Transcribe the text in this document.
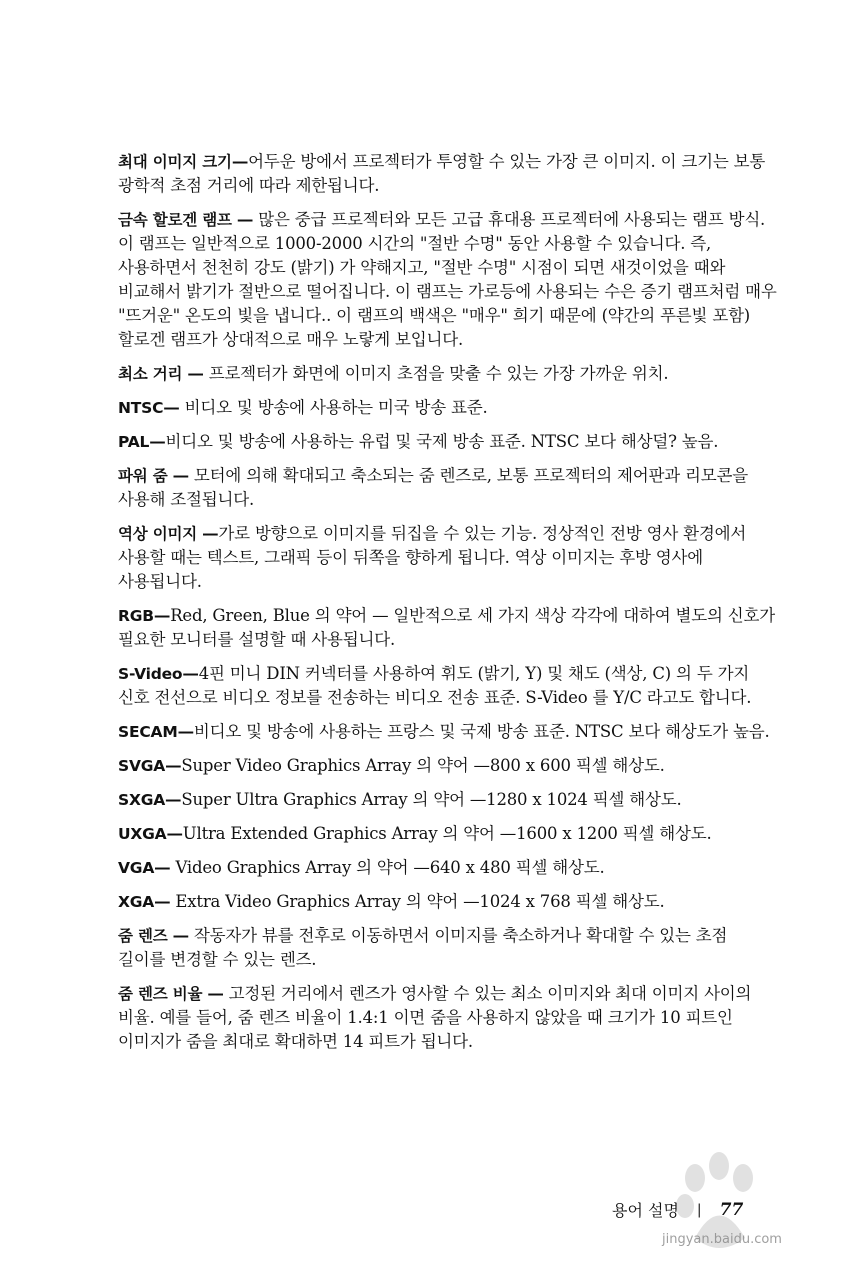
최대 이미지 크기—어두운 방에서 프로젝터가 투영할 수 있는 가장 큰 이미지. 이 크기는 보통 광학적 초점 거리에 따라 제한됩니다.

금속 할로겐 램프 — 많은 중급 프로젝터와 모든 고급 휴대용 프로젝터에 사용되는 램프 방식. 이 램프는 일반적으로 1000-2000 시간의 "절반 수명" 동안 사용할 수 있습니다. 즉, 사용하면서 천천히 강도 (밝기) 가 약해지고, "절반 수명" 시점이 되면 새것이었을 때와 비교해서 밝기가 절반으로 떨어집니다. 이 램프는 가로등에 사용되는 수은 증기 램프처럼 매우 "뜨거운" 온도의 빛을 냅니다.. 이 램프의 백색은 "매우" 희기 때문에 (약간의 푸른빛 포함) 할로겐 램프가 상대적으로 매우 노랗게 보입니다.

최소 거리 — 프로젝터가 화면에 이미지 초점을 맞출 수 있는 가장 가까운 위치.

NTSC— 비디오 및 방송에 사용하는 미국 방송 표준.

PAL—비디오 및 방송에 사용하는 유럽 및 국제 방송 표준. NTSC 보다 해상덜? 높음.

파워 줌 — 모터에 의해 확대되고 축소되는 줌 렌즈로, 보통 프로젝터의 제어판과 리모콘을 사용해 조절됩니다.

역상 이미지 —가로 방향으로 이미지를 뒤집을 수 있는 기능. 정상적인 전방 영사 환경에서 사용할 때는 텍스트, 그래픽 등이 뒤쪽을 향하게 됩니다. 역상 이미지는 후방 영사에 사용됩니다.

RGB—Red, Green, Blue 의 약어 — 일반적으로 세 가지 색상 각각에 대하여 별도의 신호가 필요한 모니터를 설명할 때 사용됩니다.

S-Video—4핀 미니 DIN 커넥터를 사용하여 휘도 (밝기, Y) 및 채도 (색상, C) 의 두 가지 신호 전선으로 비디오 정보를 전송하는 비디오 전송 표준. S-Video 를 Y/C 라고도 합니다.

SECAM—비디오 및 방송에 사용하는 프랑스 및 국제 방송 표준. NTSC 보다 해상도가 높음.

SVGA—Super Video Graphics Array 의 약어 —800 x 600 픽셀 해상도.

SXGA—Super Ultra Graphics Array 의 약어 —1280 x 1024 픽셀 해상도.

UXGA—Ultra Extended Graphics Array 의 약어 —1600 x 1200 픽셀 해상도.

VGA— Video Graphics Array 의 약어 —640 x 480 픽셀 해상도.

XGA— Extra Video Graphics Array 의 약어 —1024 x 768 픽셀 해상도.

줌 렌즈 — 작동자가 뷰를 전후로 이동하면서 이미지를 축소하거나 확대할 수 있는 초점 길이를 변경할 수 있는 렌즈.

줌 렌즈 비율 — 고정된 거리에서 렌즈가 영사할 수 있는 최소 이미지와 최대 이미지 사이의 비율. 예를 들어, 줌 렌즈 비율이 1.4:1 이면 줌을 사용하지 않았을 때 크기가 10 피트인 이미지가 줌을 최대로 확대하면 14 피트가 됩니다.

jingyan.baidu.com
용어 설명 | 77
